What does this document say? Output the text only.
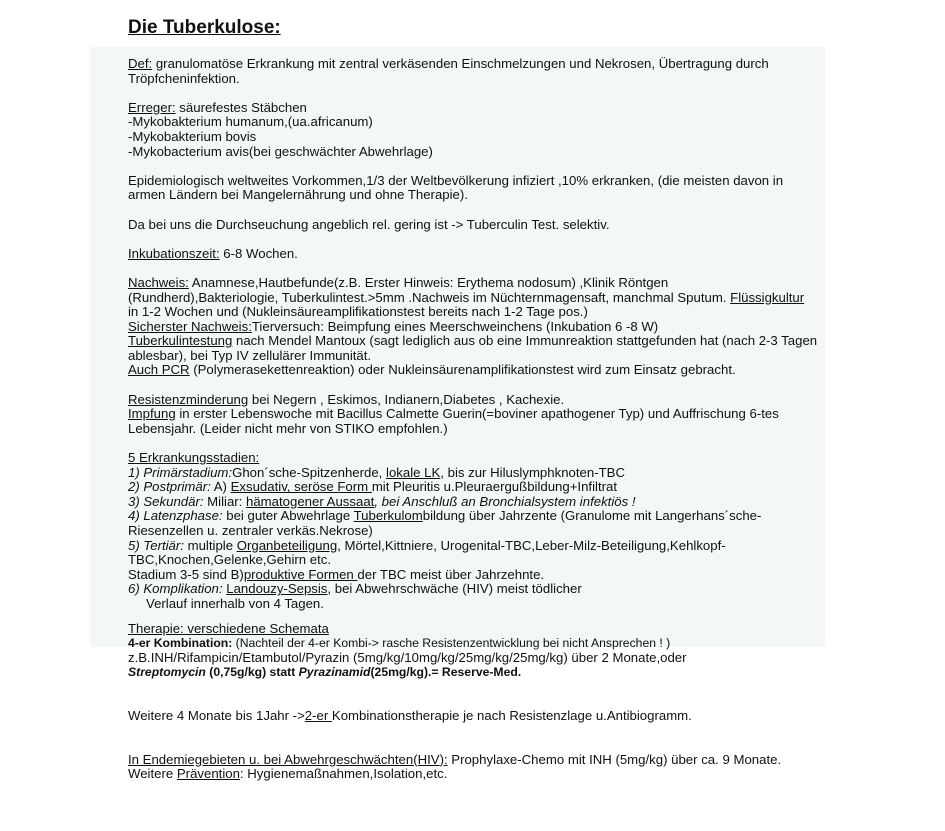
Die Tuberkulose:

Def: granulomatöse Erkrankung mit zentral verkäsenden Einschmelzungen und Nekrosen, Übertragung durch Tröpfcheninfektion.

Erreger: säurefestes Stäbchen

-Mykobakterium humanum,(ua.africanum)

-Mykobakterium bovis

-Mykobacterium avis(bei geschwächter Abwehrlage)

Epidemiologisch weltweites Vorkommen,1/3 der Weltbevölkerung infiziert ,10% erkranken, (die meisten davon in armen Ländern bei Mangelernährung und ohne Therapie).

Da bei uns die Durchseuchung angeblich rel. gering ist -> Tuberculin Test. selektiv.

Inkubationszeit: 6-8 Wochen.

Nachweis: Anamnese,Hautbefunde(z.B. Erster Hinweis: Erythema nodosum) ,Klinik Röntgen (Rundherd),Bakteriologie, Tuberkulintest.>5mm .Nachweis im Nüchternmagensaft, manchmal Sputum. Flüssigkultur in 1-2 Wochen und (Nukleinsäureamplifikationstest bereits nach 1-2 Tage pos.)

Sicherster Nachweis:Tierversuch: Beimpfung eines Meerschweinchens (Inkubation 6 -8 W)

Tuberkulintestung nach Mendel Mantoux (sagt lediglich aus ob eine Immunreaktion stattgefunden hat (nach 2-3 Tagen ablesbar), bei Typ IV zellulärer Immunität.

Auch PCR (Polymerasekettenreaktion) oder Nukleinsäurenamplifikationstest wird zum Einsatz gebracht.

Resistenzminderung bei Negern , Eskimos, Indianern,Diabetes , Kachexie.

Impfung in erster Lebenswoche mit Bacillus Calmette Guerin(=boviner apathogener Typ) und Auffrischung 6-tes Lebensjahr. (Leider nicht mehr von STIKO empfohlen.)

5 Erkrankungsstadien:

1) Primärstadium:Ghon´sche-Spitzenherde, lokale LK, bis zur Hiluslymphknoten-TBC

2) Postprimär: A) Exsudativ, seröse Form mit Pleuritis u.Pleuraergußbildung+Infiltrat

3) Sekundär: Miliar: hämatogener Aussaat, bei Anschluß an Bronchialsystem infektiös !

4) Latenzphase: bei guter Abwehrlage Tuberkulombildung über Jahrzente (Granulome mit Langerhans´sche-Riesenzellen u. zentraler verkäs.Nekrose)

5) Tertiär: multiple Organbeteiligung, Mörtel,Kittniere, Urogenital-TBC,Leber-Milz-Beteiligung,Kehlkopf-TBC,Knochen,Gelenke,Gehirn etc.

Stadium 3-5 sind B)produktive Formen der TBC meist über Jahrzehnte.

6) Komplikation: Landouzy-Sepsis, bei Abwehrschwäche (HIV) meist tödlicher

Verlauf innerhalb von 4 Tagen.

Therapie: verschiedene Schemata

4-er Kombination: (Nachteil der 4-er Kombi-> rasche Resistenzentwicklung bei nicht Ansprechen ! )

z.B.INH/Rifampicin/Etambutol/Pyrazin (5mg/kg/10mg/kg/25mg/kg/25mg/kg) über 2 Monate,oder

Streptomycin (0,75g/kg) statt Pyrazinamid(25mg/kg).= Reserve-Med.

Weitere 4 Monate bis 1Jahr ->2-er Kombinationstherapie je nach Resistenzlage u.Antibiogramm.

In Endemiegebieten u. bei Abwehrgeschwächten(HIV): Prophylaxe-Chemo mit INH (5mg/kg) über ca. 9 Monate. Weitere Prävention: Hygienemaßnahmen,Isolation,etc.
